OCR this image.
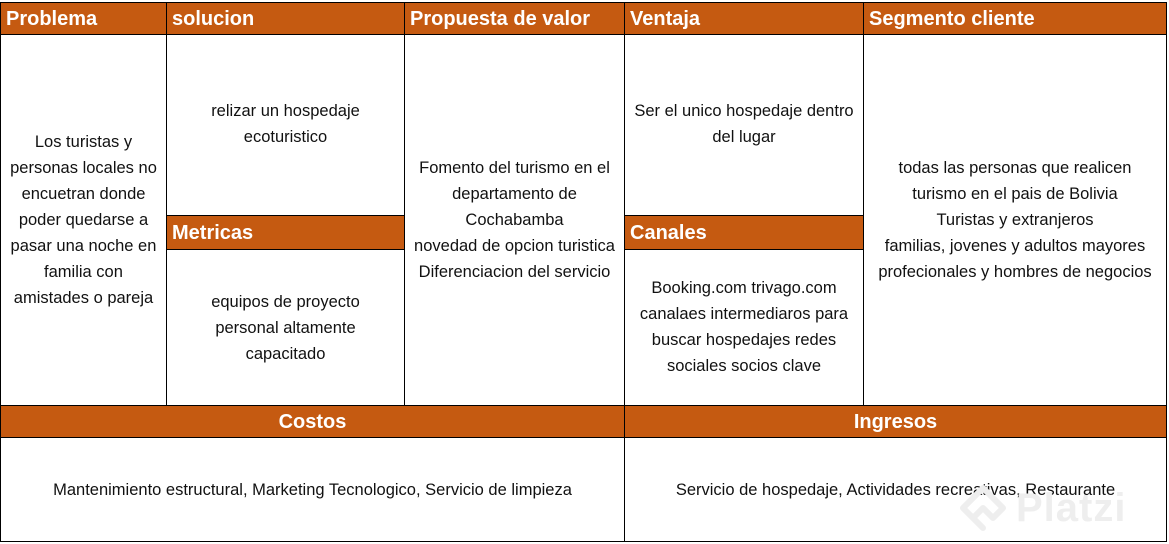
Problema
Los turistas y
personas locales no
encuetran donde
poder quedarse a
pasar una noche en
familia con
amistades o pareja
solucion
relizar un hospedaje
ecoturistico
Metricas
equipos de proyecto
personal altamente
capacitado
Propuesta de valor
Fomento del turismo en el
departamento de
Cochabamba
novedad de opcion turistica
Diferenciacion del servicio
Ventaja
Ser el unico hospedaje dentro
del lugar
Canales
Booking.com trivago.com
canalaes intermediaros para
buscar hospedajes redes
sociales socios clave
Segmento cliente
todas las personas que realicen
turismo en el pais de Bolivia
Turistas y extranjeros
familias, jovenes y adultos mayores
profecionales y hombres de negocios
Costos
Mantenimiento estructural, Marketing Tecnologico, Servicio de limpieza
Ingresos
Servicio de hospedaje, Actividades recreativas, Restaurante
Platzi
